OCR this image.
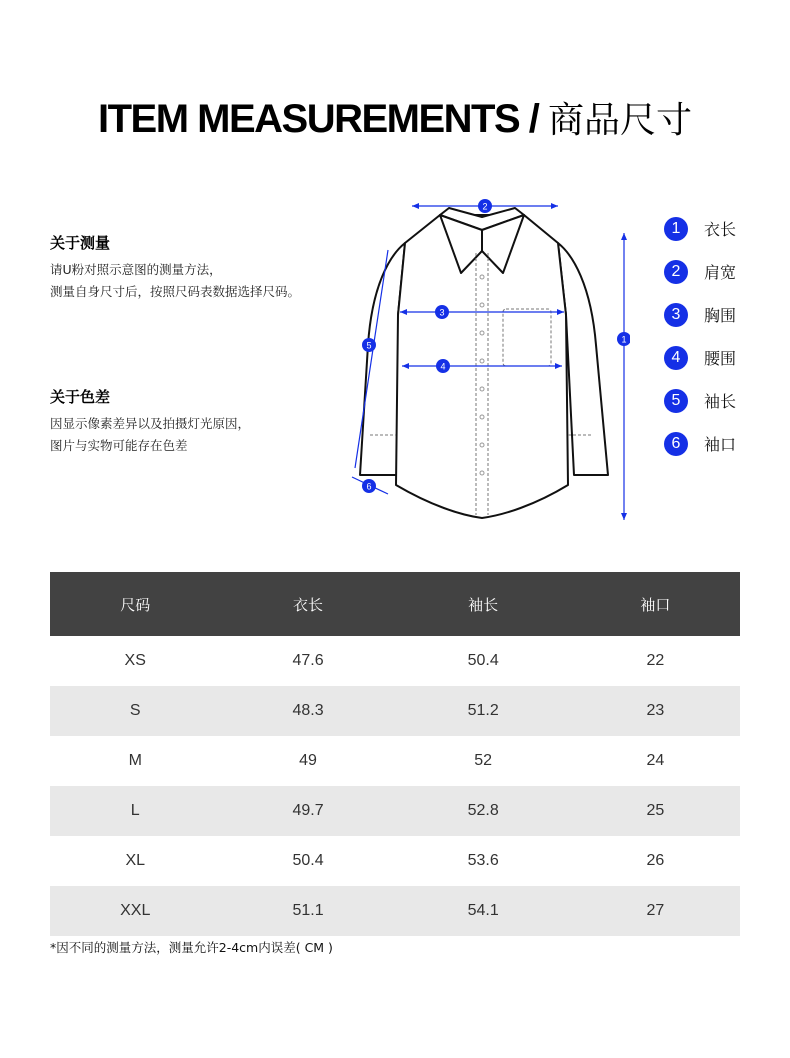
ITEM MEASUREMENTS / 商品尺寸
关于测量
请U粉对照示意图的测量方法，
测量自身尺寸后，按照尺码表数据选择尺码。
关于色差
因显示像素差异以及拍摄灯光原因，
图片与实物可能存在色差
1
2
3
4
5
6
1	衣长
2	肩宽
3	胸围
4	腰围
5	袖长
6	袖口
尺码	衣长	袖长	袖口
XS	47.6	50.4	22
S	48.3	51.2	23
M	49	52	24
L	49.7	52.8	25
XL	50.4	53.6	26
XXL	51.1	54.1	27
*因不同的测量方法，测量允许2-4cm内误差( CM )
